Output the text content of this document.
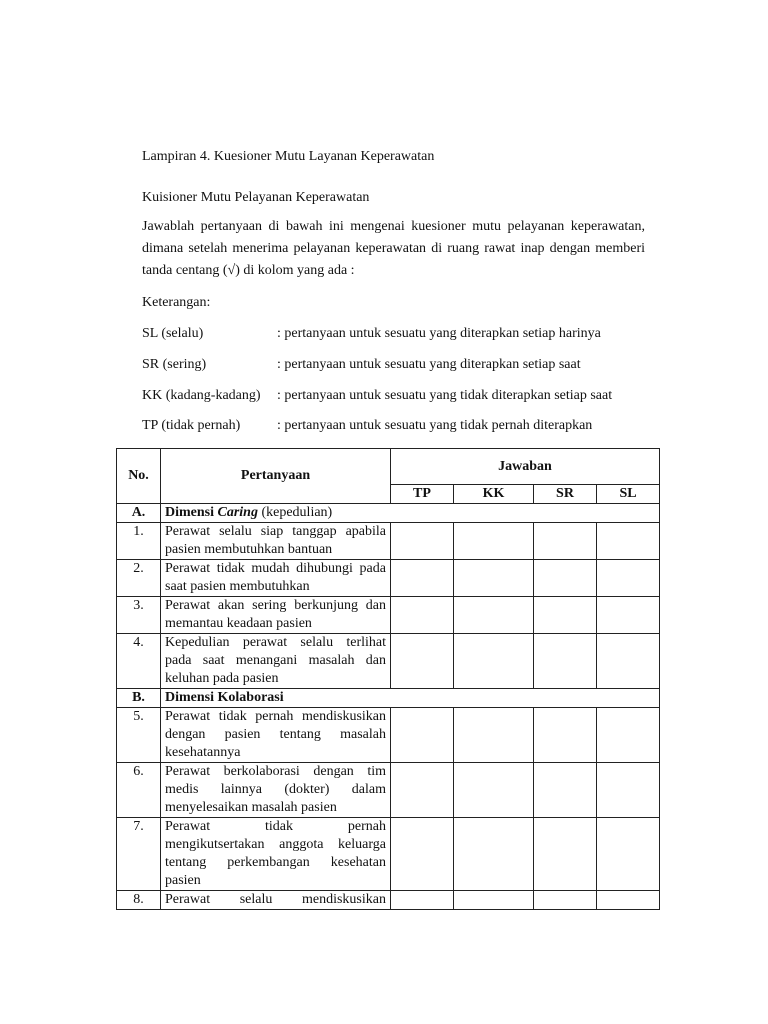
Lampiran 4. Kuesioner Mutu Layanan Keperawatan
Kuisioner Mutu Pelayanan Keperawatan
Jawablah pertanyaan di bawah ini mengenai kuesioner mutu pelayanan keperawatan, dimana setelah menerima pelayanan keperawatan di ruang rawat inap dengan memberi tanda centang (√) di kolom yang ada :
Keterangan:
SL (selalu)	: pertanyaan untuk sesuatu yang diterapkan setiap harinya
SR (sering)	: pertanyaan untuk sesuatu yang diterapkan setiap saat
KK (kadang-kadang) : pertanyaan untuk sesuatu yang tidak diterapkan setiap saat
TP (tidak pernah)	: pertanyaan untuk sesuatu yang tidak pernah diterapkan
No.	Pertanyaan	Jawaban			
		TP	KK	SR	SL
A.	Dimensi Caring (kepedulian)				
1.	Perawat selalu siap tanggap apabila pasien membutuhkan bantuan				
2.	Perawat tidak mudah dihubungi pada saat pasien membutuhkan				
3.	Perawat akan sering berkunjung dan memantau keadaan pasien				
4.	Kepedulian perawat selalu terlihat pada saat menangani masalah dan keluhan pada pasien				
B.	Dimensi Kolaborasi				
5.	Perawat tidak pernah mendiskusikan dengan pasien tentang masalah kesehatannya				
6.	Perawat berkolaborasi dengan tim medis lainnya (dokter) dalam menyelesaikan masalah pasien				
7.	Perawat tidak pernah mengikutsertakan anggota keluarga tentang perkembangan kesehatan pasien				
8.	Perawat selalu mendiskusikan				
